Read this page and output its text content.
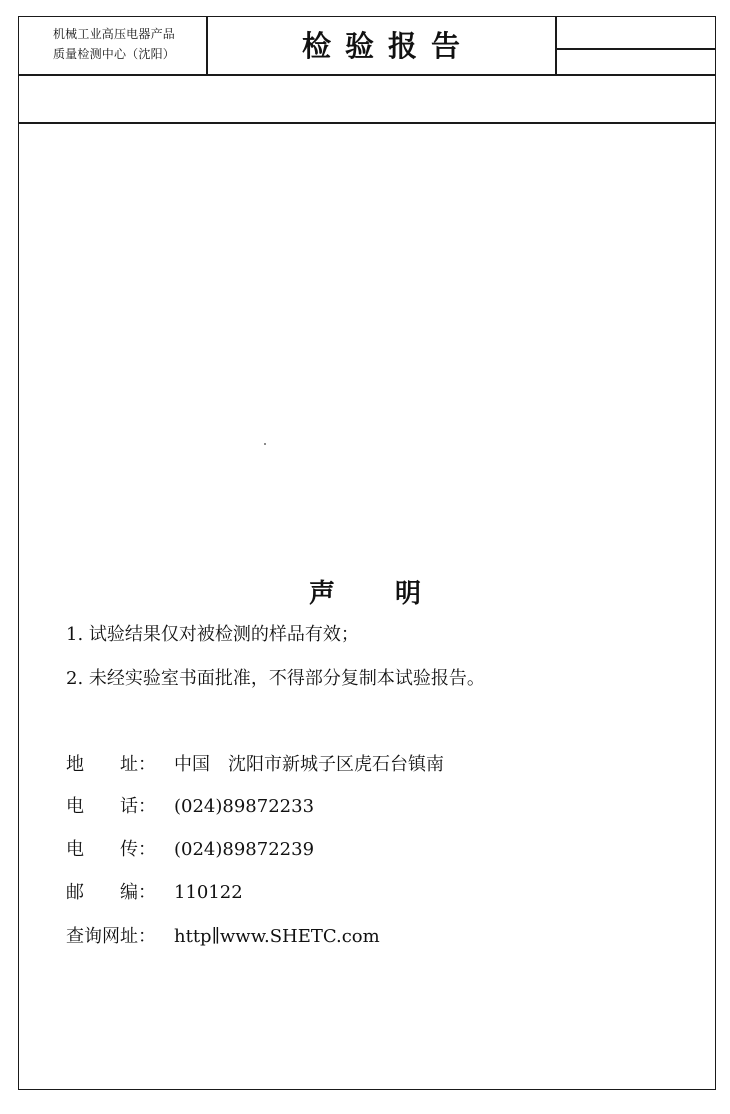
机械工业高压电器产品
质量检测中心（沈阳）	检验报告
声明
1. 试验结果仅对被检测的样品有效；
2. 未经实验室书面批准，不得部分复制本试验报告。
地　　址：	中国　沈阳市新城子区虎石台镇南
电　　话：	(024)89872233
电　　传：	(024)89872239
邮　　编：	110122
查询网址：	http∥www.SHETC.com
